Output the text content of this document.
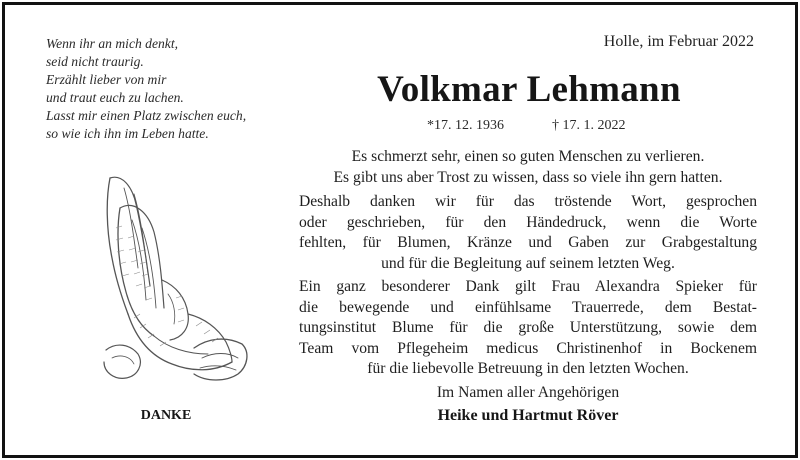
Wenn ihr an mich denkt,
seid nicht traurig.
Erzählt lieber von mir
und traut euch zu lachen.
Lasst mir einen Platz zwischen euch,
so wie ich ihn im Leben hatte.
Holle, im Februar 2022
Volkmar Lehmann
*17. 12. 1936	† 17. 1. 2022
Es schmerzt sehr, einen so guten Menschen zu verlieren.
Es gibt uns aber Trost zu wissen, dass so viele ihn gern hatten.
Deshalb danken wir für das tröstende Wort, gesprochen
oder geschrieben, für den Händedruck, wenn die Worte
fehlten, für Blumen, Kränze und Gaben zur Grabgestaltung
und für die Begleitung auf seinem letzten Weg.
Ein ganz besonderer Dank gilt Frau Alexandra Spieker für
die bewegende und einfühlsame Trauerrede, dem Bestat-
tungsinstitut Blume für die große Unterstützung, sowie dem
Team vom Pflegeheim medicus Christinenhof in Bockenem
für die liebevolle Betreuung in den letzten Wochen.
Im Namen aller Angehörigen
Heike und Hartmut Röver
DANKE
